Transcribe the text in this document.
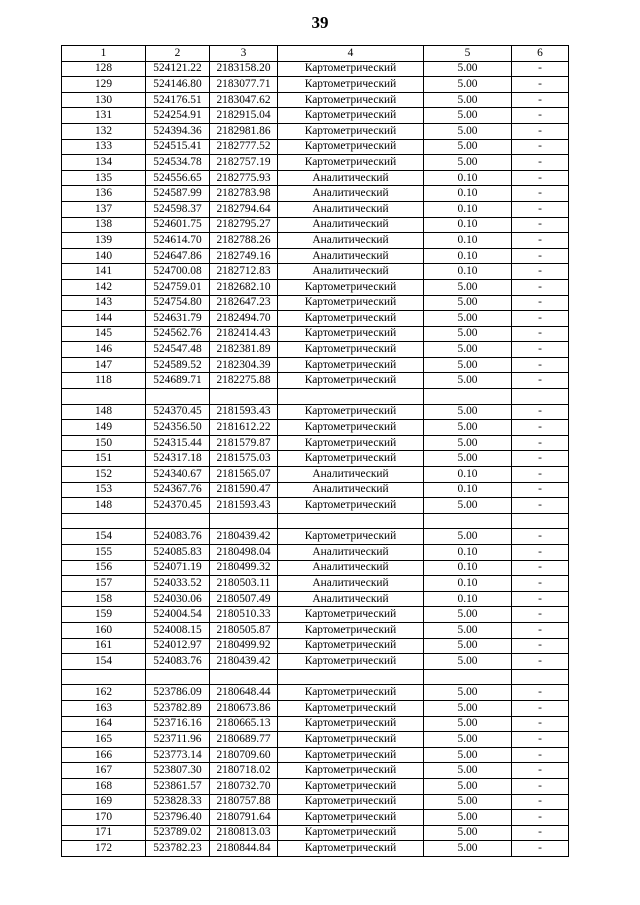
39
1	2	3	4	5	6
128	524121.22	2183158.20	Картометрический	5.00	-
129	524146.80	2183077.71	Картометрический	5.00	-
130	524176.51	2183047.62	Картометрический	5.00	-
131	524254.91	2182915.04	Картометрический	5.00	-
132	524394.36	2182981.86	Картометрический	5.00	-
133	524515.41	2182777.52	Картометрический	5.00	-
134	524534.78	2182757.19	Картометрический	5.00	-
135	524556.65	2182775.93	Аналитический	0.10	-
136	524587.99	2182783.98	Аналитический	0.10	-
137	524598.37	2182794.64	Аналитический	0.10	-
138	524601.75	2182795.27	Аналитический	0.10	-
139	524614.70	2182788.26	Аналитический	0.10	-
140	524647.86	2182749.16	Аналитический	0.10	-
141	524700.08	2182712.83	Аналитический	0.10	-
142	524759.01	2182682.10	Картометрический	5.00	-
143	524754.80	2182647.23	Картометрический	5.00	-
144	524631.79	2182494.70	Картометрический	5.00	-
145	524562.76	2182414.43	Картометрический	5.00	-
146	524547.48	2182381.89	Картометрический	5.00	-
147	524589.52	2182304.39	Картометрический	5.00	-
118	524689.71	2182275.88	Картометрический	5.00	-

148	524370.45	2181593.43	Картометрический	5.00	-
149	524356.50	2181612.22	Картометрический	5.00	-
150	524315.44	2181579.87	Картометрический	5.00	-
151	524317.18	2181575.03	Картометрический	5.00	-
152	524340.67	2181565.07	Аналитический	0.10	-
153	524367.76	2181590.47	Аналитический	0.10	-
148	524370.45	2181593.43	Картометрический	5.00	-

154	524083.76	2180439.42	Картометрический	5.00	-
155	524085.83	2180498.04	Аналитический	0.10	-
156	524071.19	2180499.32	Аналитический	0.10	-
157	524033.52	2180503.11	Аналитический	0.10	-
158	524030.06	2180507.49	Аналитический	0.10	-
159	524004.54	2180510.33	Картометрический	5.00	-
160	524008.15	2180505.87	Картометрический	5.00	-
161	524012.97	2180499.92	Картометрический	5.00	-
154	524083.76	2180439.42	Картометрический	5.00	-

162	523786.09	2180648.44	Картометрический	5.00	-
163	523782.89	2180673.86	Картометрический	5.00	-
164	523716.16	2180665.13	Картометрический	5.00	-
165	523711.96	2180689.77	Картометрический	5.00	-
166	523773.14	2180709.60	Картометрический	5.00	-
167	523807.30	2180718.02	Картометрический	5.00	-
168	523861.57	2180732.70	Картометрический	5.00	-
169	523828.33	2180757.88	Картометрический	5.00	-
170	523796.40	2180791.64	Картометрический	5.00	-
171	523789.02	2180813.03	Картометрический	5.00	-
172	523782.23	2180844.84	Картометрический	5.00	-
